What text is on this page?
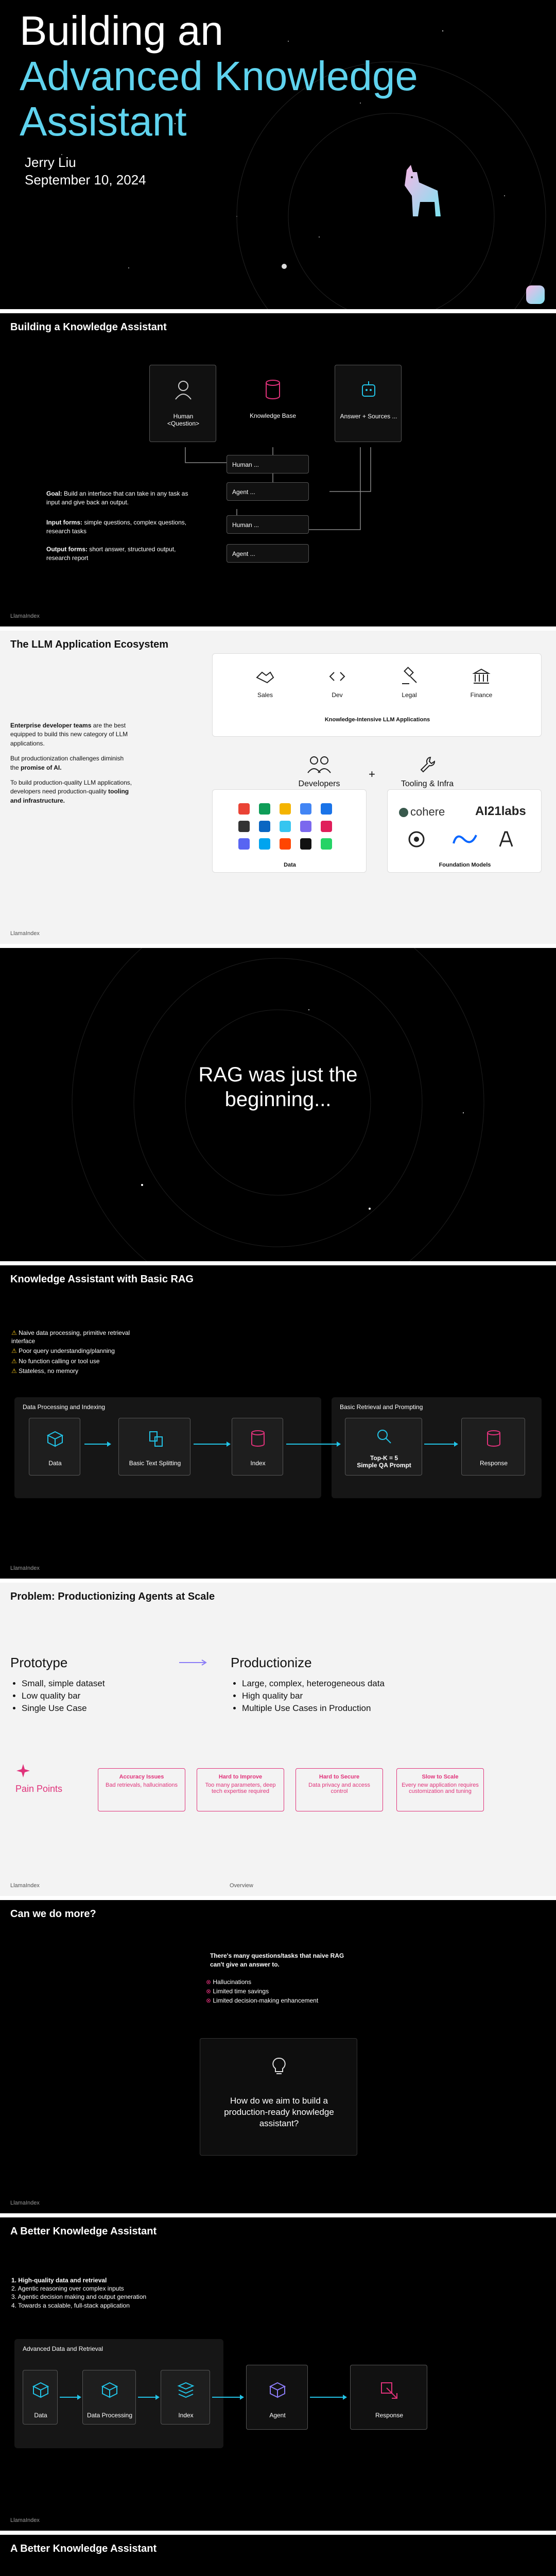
Building an
Advanced Knowledge
Assistant
Jerry Liu
September 10, 2024
Building a Knowledge Assistant
Human
<Question>
Knowledge Base	Answer + Sources ...
Human ...
Agent ...
Human ...
Agent ...
Goal: Build an interface that can take in any task as input and give back an output.
Input forms: simple questions, complex questions, research tasks
Output forms: short answer, structured output, research report
LlamaIndex
The LLM Application Ecosystem

Enterprise developer teams are the best equipped to build this new category of LLM applications.

But productionization challenges diminish the promise of AI.

To build production-quality LLM applications, developers need production-quality tooling and infrastructure.

Sales	Dev	Legal	Finance
Knowledge-Intensive LLM Applications
Developers
+
Tooling & Infra
Data
cohere AI21labs
Foundation Models
LlamaIndex
RAG was just the
beginning...
Knowledge Assistant with Basic RAG
⚠ Naive data processing, primitive retrieval interface
⚠ Poor query understanding/planning
⚠ No function calling or tool use
⚠ Stateless, no memory
Data Processing and Indexing	Basic Retrieval and Prompting
Data	Basic Text Splitting	Index
Top-K = 5
Simple QA Prompt	Response
LlamaIndex
Problem: Productionizing Agents at Scale
Prototype
• Small, simple dataset
• Low quality bar
• Single Use Case
Productionize
• Large, complex, heterogeneous data
• High quality bar
• Multiple Use Cases in Production
Pain Points
Accuracy Issues
Bad retrievals, hallucinations
Hard to Improve
Too many parameters, deep tech expertise required
Hard to Secure
Data privacy and access control
Slow to Scale
Every new application requires customization and tuning
LlamaIndex	Overview
Can we do more?
There's many questions/tasks that naive RAG can't give an answer to.
⊗ Hallucinations
⊗ Limited time savings
⊗ Limited decision-making enhancement
How do we aim to build a production-ready knowledge assistant?
LlamaIndex
A Better Knowledge Assistant
1. High-quality data and retrieval
2. Agentic reasoning over complex inputs
3. Agentic decision making and output generation
4. Towards a scalable, full-stack application
Advanced Data and Retrieval
Data	Data Processing	Index	Agent	Response
LlamaIndex
A Better Knowledge Assistant
